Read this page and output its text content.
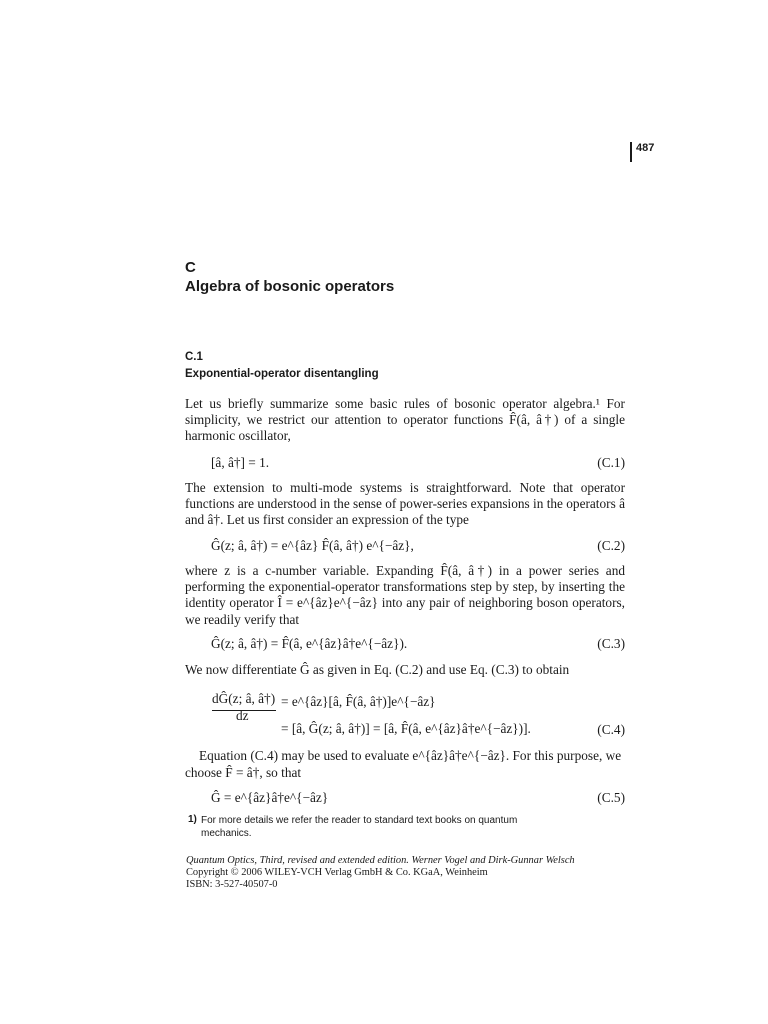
487
C
Algebra of bosonic operators
C.1
Exponential-operator disentangling
Let us briefly summarize some basic rules of bosonic operator algebra.¹ For simplicity, we restrict our attention to operator functions F̂(â, â†) of a single harmonic oscillator,
[â, â†] = 1.	(C.1)
The extension to multi-mode systems is straightforward. Note that operator functions are understood in the sense of power-series expansions in the operators â and â†. Let us first consider an expression of the type
Ĝ(z; â, â†) = e^{âz} F̂(â, â†) e^{−âz},	(C.2)
where z is a c-number variable. Expanding F̂(â, â†) in a power series and performing the exponential-operator transformations step by step, by inserting the identity operator Î = e^{âz}e^{−âz} into any pair of neighboring boson operators, we readily verify that
Ĝ(z; â, â†) = F̂(â, e^{âz}â†e^{−âz}).	(C.3)
We now differentiate Ĝ as given in Eq. (C.2) and use Eq. (C.3) to obtain
dĜ(z; â, â†)
dz
= e^{âz}[â, F̂(â, â†)]e^{−âz}
= [â, Ĝ(z; â, â†)] = [â, F̂(â, e^{âz}â†e^{−âz})].	(C.4)
Equation (C.4) may be used to evaluate e^{âz}â†e^{−âz}. For this purpose, we
choose F̂ = â†, so that
Ĝ = e^{âz}â†e^{−âz}	(C.5)
1) For more details we refer the reader to standard text books on quantum mechanics.
Quantum Optics, Third, revised and extended edition. Werner Vogel and Dirk-Gunnar Welsch
Copyright © 2006 WILEY-VCH Verlag GmbH & Co. KGaA, Weinheim
ISBN: 3-527-40507-0
